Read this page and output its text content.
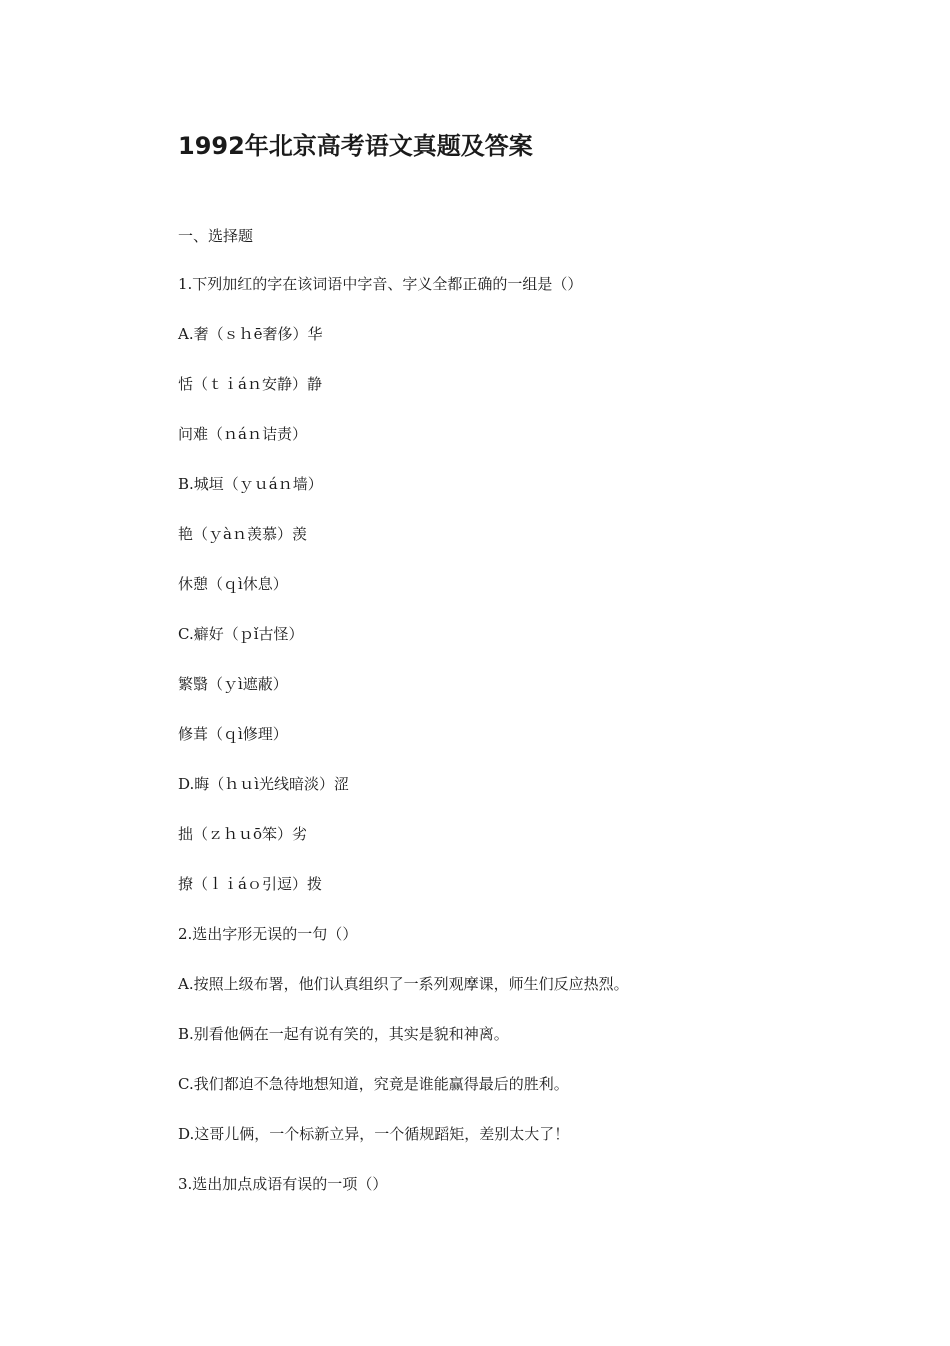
1992年北京高考语文真题及答案

一、选择题

1.下列加红的字在该词语中字音、字义全都正确的一组是（）

A.奢（ｓｈē奢侈）华

恬（ｔｉáｎ安静）静

问难（ｎáｎ诘责）

B.城垣（ｙｕáｎ墙）

艳（ｙàｎ羡慕）羡

休憩（ｑì休息）

C.癖好（ｐǐ古怪）

繁翳（ｙì遮蔽）

修葺（ｑì修理）

D.晦（ｈｕì光线暗淡）涩

拙（ｚｈｕō笨）劣

撩（ｌｉáｏ引逗）拨

2.选出字形无误的一句（）

A.按照上级布署，他们认真组织了一系列观摩课，师生们反应热烈。

B.别看他俩在一起有说有笑的，其实是貌和神离。

C.我们都迫不急待地想知道，究竟是谁能赢得最后的胜利。

D.这哥儿俩，一个标新立异，一个循规蹈矩，差别太大了！

3.选出加点成语有误的一项（）
